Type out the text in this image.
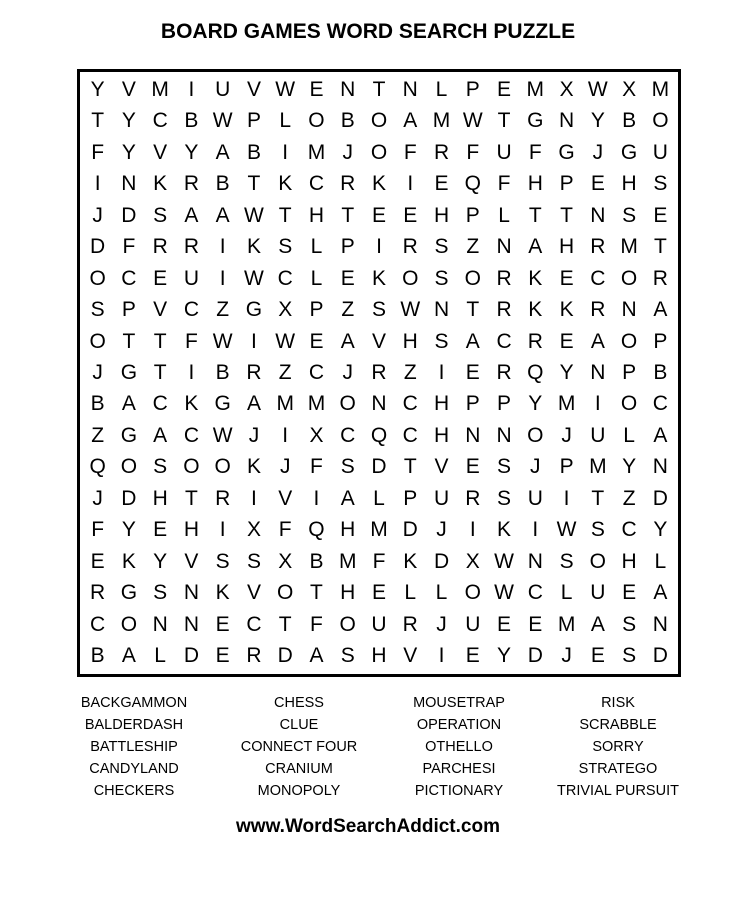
BOARD GAMES WORD SEARCH PUZZLE
Y V M I U V W E N T N L P E M X W X M
T Y C B W P L O B O A M W T G N Y B O
F Y V Y A B	I M J O F R F U F G J G U
I N K R B T K C R K	I	E Q F H P E H S
J D S A A W T H T E E H P L T T N S E
D F R R I	K S L P	I R S Z N A H R M T
O C E U I W C L E K O S O R K E C O R
S P V C Z G X P Z S W N T R K K R N A
O T T F W I W E A V H S A C R E A O P
J G T	I	B R Z C J R Z	I	E R Q Y N P B
B A C K G A M M O N C H P P Y M I O C
Z G A C W J	I	X C Q C H N N O J U L A
Q O S O O K J F S D T V E S J P M Y N
J D H T R I	V	I	A L P U R S U I	T Z D
F Y E H I	X F Q H M D J	I	K	I W S C Y
E K Y V S S X B M F K D X W N S O H L
R G S N K V O T H E L L O W C L U E A
C O N N E C T F O U R J U E E M A S N
B A L D E R D A S H V	I	E Y D J E S D
BACKGAMMON
BALDERDASH
BATTLESHIP
CANDYLAND
CHECKERS
CHESS
CLUE
CONNECT FOUR
CRANIUM
MONOPOLY
MOUSETRAP
OPERATION
OTHELLO
PARCHESI
PICTIONARY
RISK
SCRABBLE
SORRY
STRATEGO
TRIVIAL PURSUIT
www.WordSearchAddict.com
